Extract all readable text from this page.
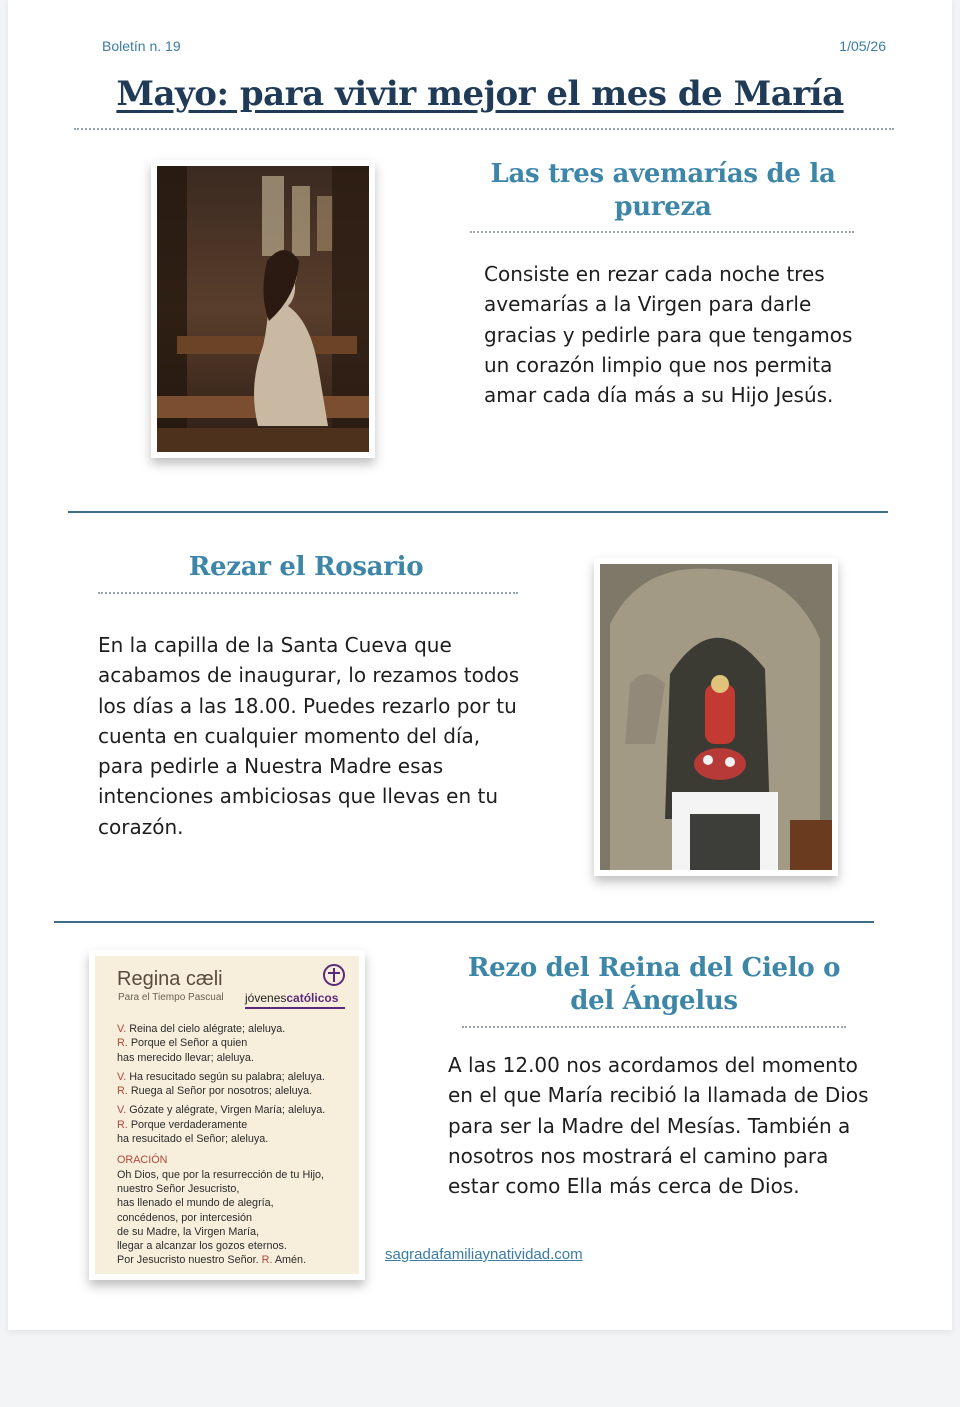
Boletín n. 19	1/05/26
Mayo: para vivir mejor el mes de María
Las tres avemarías de la pureza

Consiste en rezar cada noche tres avemarías a la Virgen para darle gracias y pedirle para que tengamos un corazón limpio que nos permita amar cada día más a su Hijo Jesús.

Rezar el Rosario

En la capilla de la Santa Cueva que acabamos de inaugurar, lo rezamos todos los días a las 18.00. Puedes rezarlo por tu cuenta en cualquier momento del día, para pedirle a Nuestra Madre esas intenciones ambiciosas que llevas en tu corazón.

Regina cæli
Para el Tiempo Pascual jóvenescatólicos
V. Reina del cielo alégrate; aleluya.
R. Porque el Señor a quien
has merecido llevar; aleluya.
V. Ha resucitado según su palabra; aleluya.
R. Ruega al Señor por nosotros; aleluya.
V. Gózate y alégrate, Virgen María; aleluya.
R. Porque verdaderamente
ha resucitado el Señor; aleluya.
ORACIÓN
Oh Dios, que por la resurrección de tu Hijo,
nuestro Señor Jesucristo,
has llenado el mundo de alegría,
concédenos, por intercesión
de su Madre, la Virgen María,
llegar a alcanzar los gozos eternos.
Por Jesucristo nuestro Señor. R. Amén.
Rezo del Reina del Cielo o del Ángelus

A las 12.00 nos acordamos del momento en el que María recibió la llamada de Dios para ser la Madre del Mesías. También a nosotros nos mostrará el camino para estar como Ella más cerca de Dios.

sagradafamiliaynatividad.com
